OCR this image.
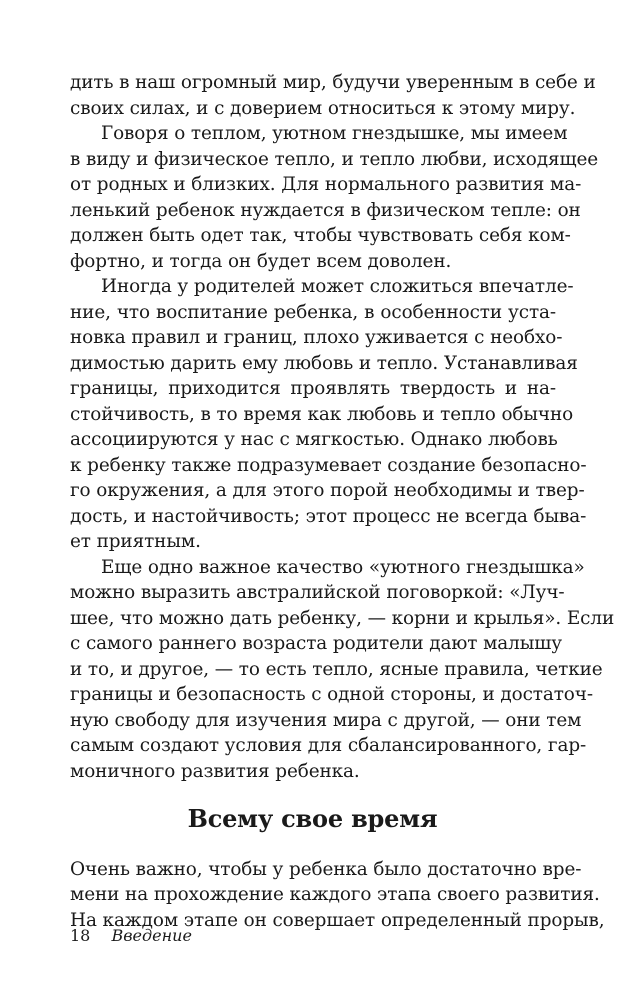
дить в наш огромный мир, будучи уверенным в себе и
своих силах, и с доверием относиться к этому миру.
Говоря о теплом, уютном гнездышке, мы имеем
в виду и физическое тепло, и тепло любви, исходящее
от родных и близких. Для нормального развития ма-
ленький ребенок нуждается в физическом тепле: он
должен быть одет так, чтобы чувствовать себя ком-
фортно, и тогда он будет всем доволен.
Иногда у родителей может сложиться впечатле-
ние, что воспитание ребенка, в особенности уста-
новка правил и границ, плохо уживается с необхо-
димостью дарить ему любовь и тепло. Устанавливая
границы, приходится проявлять твердость и на-
стойчивость, в то время как любовь и тепло обычно
ассоциируются у нас с мягкостью. Однако любовь
к ребенку также подразумевает создание безопасно-
го окружения, а для этого порой необходимы и твер-
дость, и настойчивость; этот процесс не всегда быва-
ет приятным.
Еще одно важное качество «уютного гнездышка»
можно выразить австралийской поговоркой: «Луч-
шее, что можно дать ребенку, — корни и крылья». Если
с самого раннего возраста родители дают малышу
и то, и другое, — то есть тепло, ясные правила, четкие
границы и безопасность с одной стороны, и достаточ-
ную свободу для изучения мира с другой, — они тем
самым создают условия для сбалансированного, гар-
моничного развития ребенка.
Всему свое время
Очень важно, чтобы у ребенка было достаточно вре-
мени на прохождение каждого этапа своего развития.
На каждом этапе он совершает определенный прорыв,
18 Введение
